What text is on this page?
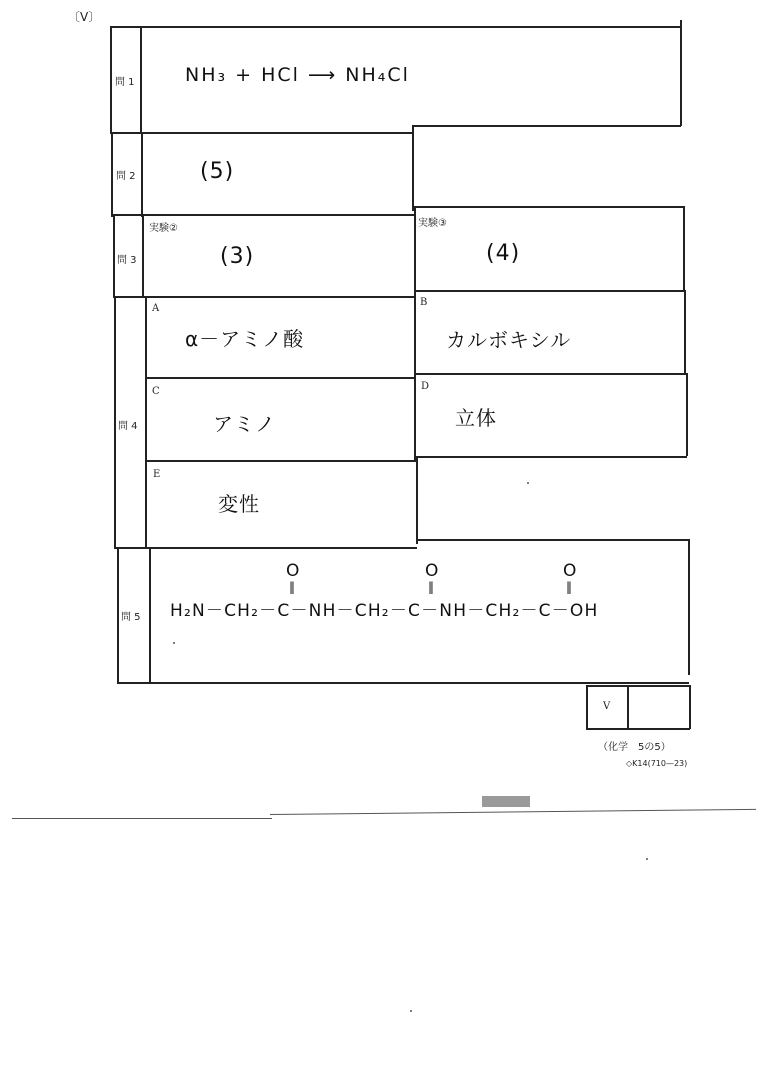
〔V〕
問 1	NH₃ + HCl ⟶ NH₄Cl
問 2	(5)
問 3
実験②
(3)
実験③
(4)
問 4
A
α－アミノ酸
B
カルボキシル
C
アミノ
D
立体
E
変性
問 5
O
‖
O
‖
O
‖
H₂N－CH₂－C－NH－CH₂－C－NH－CH₂－C－OH
V
（化学　5の5）
◇K14(710—23)
